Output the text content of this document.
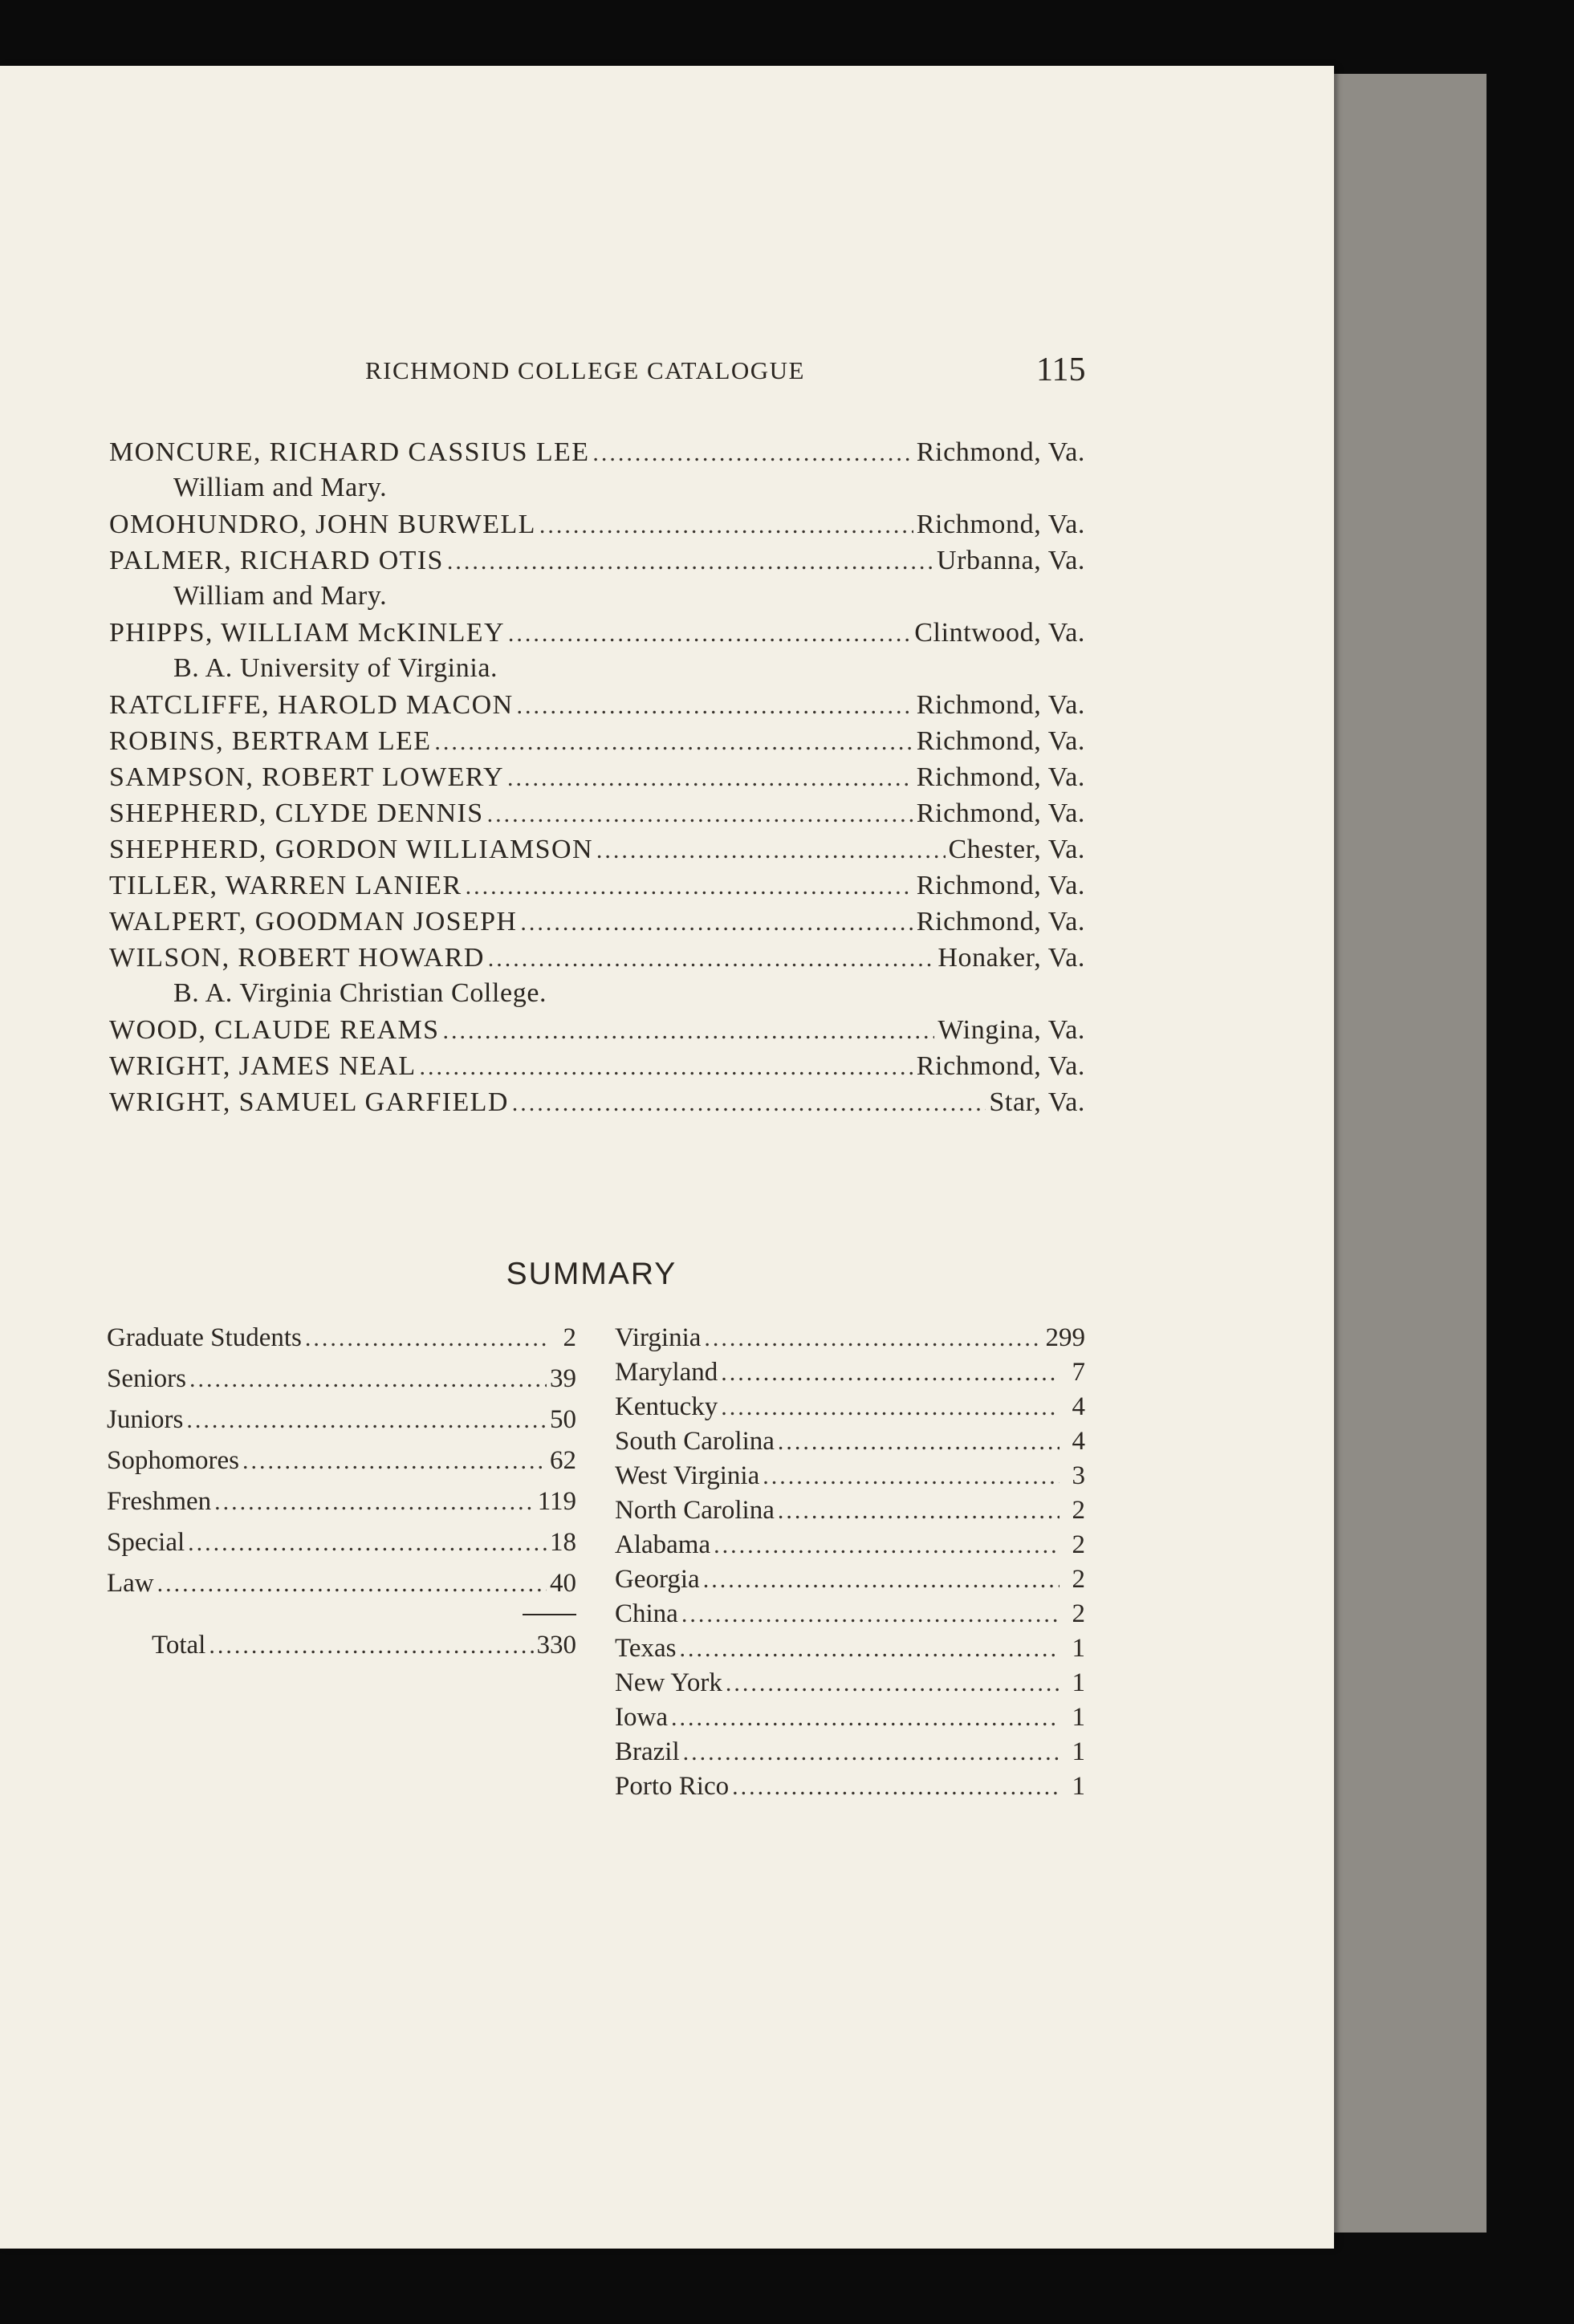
RICHMOND COLLEGE CATALOGUE	115
MONCURE, RICHARD CASSIUS LEE .....	Richmond, Va.
William and Mary.
OMOHUNDRO, JOHN BURWELL .....	Richmond, Va.
PALMER, RICHARD OTIS .....	Urbanna, Va.
William and Mary.
PHIPPS, WILLIAM McKINLEY .....	Clintwood, Va.
B. A. University of Virginia.
RATCLIFFE, HAROLD MACON .....	Richmond, Va.
ROBINS, BERTRAM LEE .....	Richmond, Va.
SAMPSON, ROBERT LOWERY .....	Richmond, Va.
SHEPHERD, CLYDE DENNIS .....	Richmond, Va.
SHEPHERD, GORDON WILLIAMSON .....	Chester, Va.
TILLER, WARREN LANIER .....	Richmond, Va.
WALPERT, GOODMAN JOSEPH .....	Richmond, Va.
WILSON, ROBERT HOWARD .....	Honaker, Va.
B. A. Virginia Christian College.
WOOD, CLAUDE REAMS .....	Wingina, Va.
WRIGHT, JAMES NEAL .....	Richmond, Va.
WRIGHT, SAMUEL GARFIELD .....	Star, Va.
SUMMARY
Graduate Students .....	2
Seniors .....	39
Juniors .....	50
Sophomores .....	62
Freshmen .....	119
Special .....	18
Law .....	40
Total .....	330
Virginia .....	299
Maryland .....	7
Kentucky .....	4
South Carolina .....	4
West Virginia .....	3
North Carolina .....	2
Alabama .....	2
Georgia .....	2
China .....	2
Texas .....	1
New York .....	1
Iowa .....	1
Brazil .....	1
Porto Rico .....	1
